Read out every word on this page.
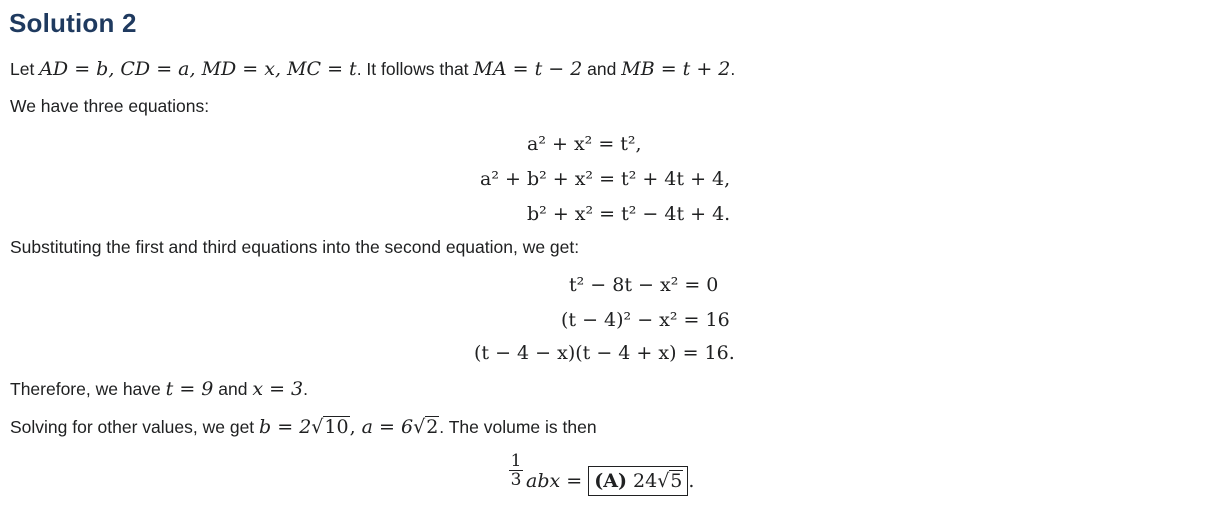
Solution 2
Let AD = b, CD = a, MD = x, MC = t. It follows that MA = t − 2 and MB = t + 2.
We have three equations:
a² + x² = t²,
a² + b² + x² = t² + 4t + 4,
b² + x² = t² − 4t + 4.
Substituting the first and third equations into the second equation, we get:
t² − 8t − x² = 0
(t − 4)² − x² = 16
(t − 4 − x)(t − 4 + x) = 16.
Therefore, we have t = 9 and x = 3.
Solving for other values, we get b = 2√10, a = 6√2. The volume is then
$\frac{1}{3}$ abx = (A) 24√5 .
